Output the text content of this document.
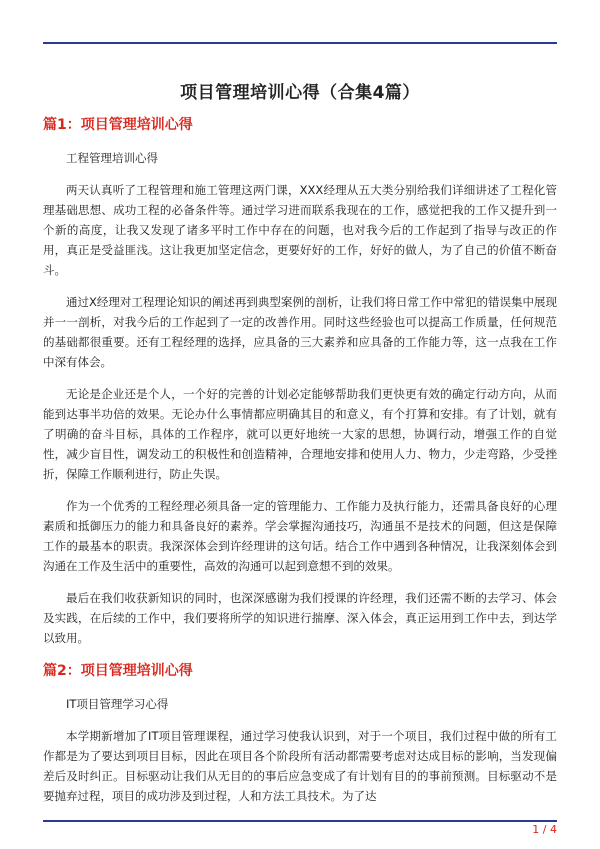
项目管理培训心得（合集4篇）
篇1：项目管理培训心得
工程管理培训心得

两天认真听了工程管理和施工管理这两门课，XXX经理从五大类分别给我们详细讲述了工程化管理基础思想、成功工程的必备条件等。通过学习进而联系我现在的工作，感觉把我的工作又提升到一个新的高度，让我又发现了诸多平时工作中存在的问题，也对我今后的工作起到了指导与改正的作用，真正是受益匪浅。这让我更加坚定信念，更要好好的工作，好好的做人，为了自己的价值不断奋斗。

通过X经理对工程理论知识的阐述再到典型案例的剖析，让我们将日常工作中常犯的错误集中展现并一一剖析，对我今后的工作起到了一定的改善作用。同时这些经验也可以提高工作质量，任何规范的基础都很重要。还有工程经理的选择，应具备的三大素养和应具备的工作能力等，这一点我在工作中深有体会。

无论是企业还是个人，一个好的完善的计划必定能够帮助我们更快更有效的确定行动方向，从而能到达事半功倍的效果。无论办什么事情都应明确其目的和意义，有个打算和安排。有了计划，就有了明确的奋斗目标，具体的工作程序，就可以更好地统一大家的思想，协调行动，增强工作的自觉性，减少盲目性，调发动工的积极性和创造精神，合理地安排和使用人力、物力，少走弯路，少受挫折，保障工作顺利进行，防止失误。

作为一个优秀的工程经理必须具备一定的管理能力、工作能力及执行能力，还需具备良好的心理素质和抵御压力的能力和具备良好的素养。学会掌握沟通技巧，沟通虽不是技术的问题，但这是保障工作的最基本的职责。我深深体会到许经理讲的这句话。结合工作中遇到各种情况，让我深刻体会到沟通在工作及生活中的重要性，高效的沟通可以起到意想不到的效果。

最后在我们收获新知识的同时，也深深感谢为我们授课的许经理，我们还需不断的去学习、体会及实践，在后续的工作中，我们要将所学的知识进行揣摩、深入体会，真正运用到工作中去，到达学以致用。

篇2：项目管理培训心得
IT项目管理学习心得

本学期新增加了IT项目管理课程，通过学习使我认识到，对于一个项目，我们过程中做的所有工作都是为了要达到项目目标，因此在项目各个阶段所有活动都需要考虑对达成目标的影响，当发现偏差后及时纠正。目标驱动让我们从无目的的事后应急变成了有计划有目的的事前预测。目标驱动不是要抛弃过程，项目的成功涉及到过程，人和方法工具技术。为了达

1 / 4
